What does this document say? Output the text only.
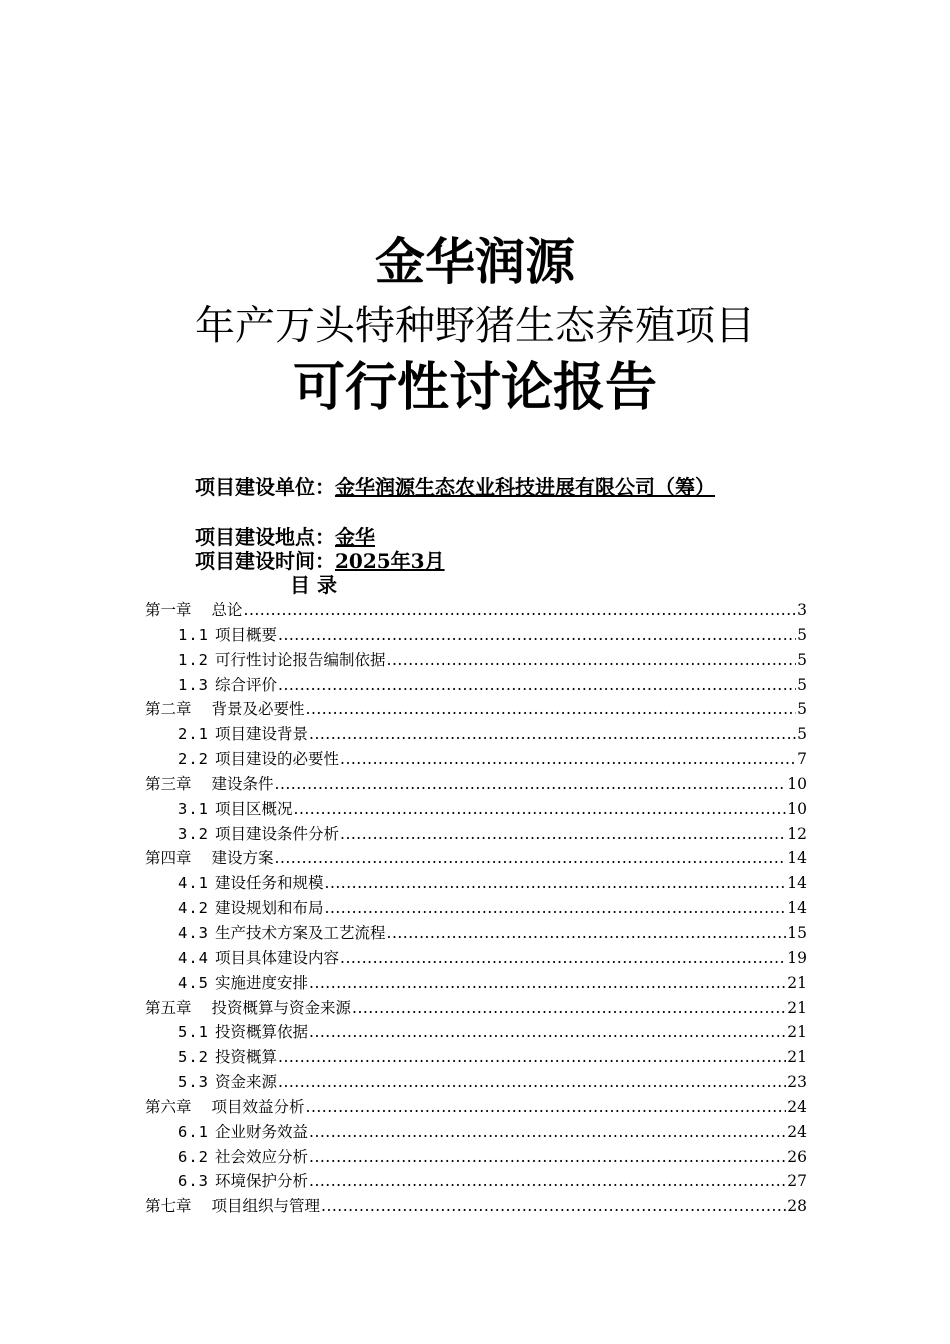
金华润源
年产万头特种野猪生态养殖项目
可行性讨论报告
项目建设单位：金华润源生态农业科技进展有限公司（筹）
项目建设地点：金华
项目建设时间：2025年3月
目 录
第一章 总论 .....	3
1.1 项目概要 .....	5
1.2 可行性讨论报告编制依据 .....	5
1.3 综合评价 .....	5
第二章 背景及必要性 .....	5
2.1 项目建设背景 .....	5
2.2 项目建设的必要性 .....	7
第三章 建设条件 .....	10
3.1 项目区概况 .....	10
3.2 项目建设条件分析 .....	12
第四章 建设方案 .....	14
4.1 建设任务和规模 .....	14
4.2 建设规划和布局 .....	14
4.3 生产技术方案及工艺流程 .....	15
4.4 项目具体建设内容 .....	19
4.5 实施进度安排 .....	21
第五章 投资概算与资金来源 .....	21
5.1 投资概算依据 .....	21
5.2 投资概算 .....	21
5.3 资金来源 .....	23
第六章 项目效益分析 .....	24
6.1 企业财务效益 .....	24
6.2 社会效应分析 .....	26
6.3 环境保护分析 .....	27
第七章 项目组织与管理 .....	28
